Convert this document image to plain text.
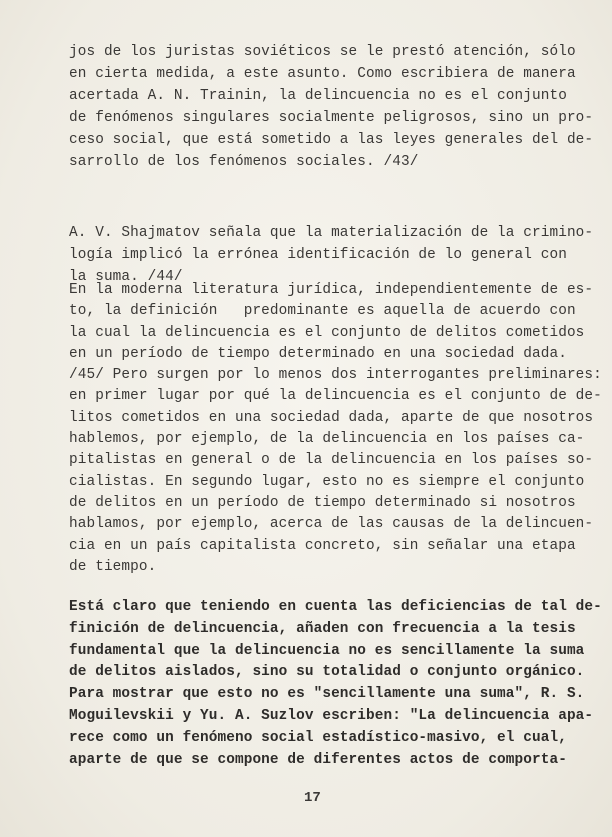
jos de los juristas soviéticos se le prestó atención, sólo
en cierta medida, a este asunto. Como escribiera de manera
acertada A. N. Trainin, la delincuencia no es el conjunto
de fenómenos singulares socialmente peligrosos, sino un pro-
ceso social, que está sometido a las leyes generales del de-
sarrollo de los fenómenos sociales. /43/
A. V. Shajmatov señala que la materialización de la crimino-
logía implicó la errónea identificación de lo general con
la suma. /44/
En la moderna literatura jurídica, independientemente de es-
to, la definición   predominante es aquella de acuerdo con
la cual la delincuencia es el conjunto de delitos cometidos
en un período de tiempo determinado en una sociedad dada.
/45/ Pero surgen por lo menos dos interrogantes preliminares:
en primer lugar por qué la delincuencia es el conjunto de de-
litos cometidos en una sociedad dada, aparte de que nosotros
hablemos, por ejemplo, de la delincuencia en los países ca-
pitalistas en general o de la delincuencia en los países so-
cialistas. En segundo lugar, esto no es siempre el conjunto
de delitos en un período de tiempo determinado si nosotros
hablamos, por ejemplo, acerca de las causas de la delincuen-
cia en un país capitalista concreto, sin señalar una etapa
de tiempo.
Está claro que teniendo en cuenta las deficiencias de tal de-
finición de delincuencia, añaden con frecuencia a la tesis
fundamental que la delincuencia no es sencillamente la suma
de delitos aislados, sino su totalidad o conjunto orgánico.
Para mostrar que esto no es "sencillamente una suma", R. S.
Moguilevskii y Yu. A. Suzlov escriben: "La delincuencia apa-
rece como un fenómeno social estadístico-masivo, el cual,
aparte de que se compone de diferentes actos de comporta-
17
